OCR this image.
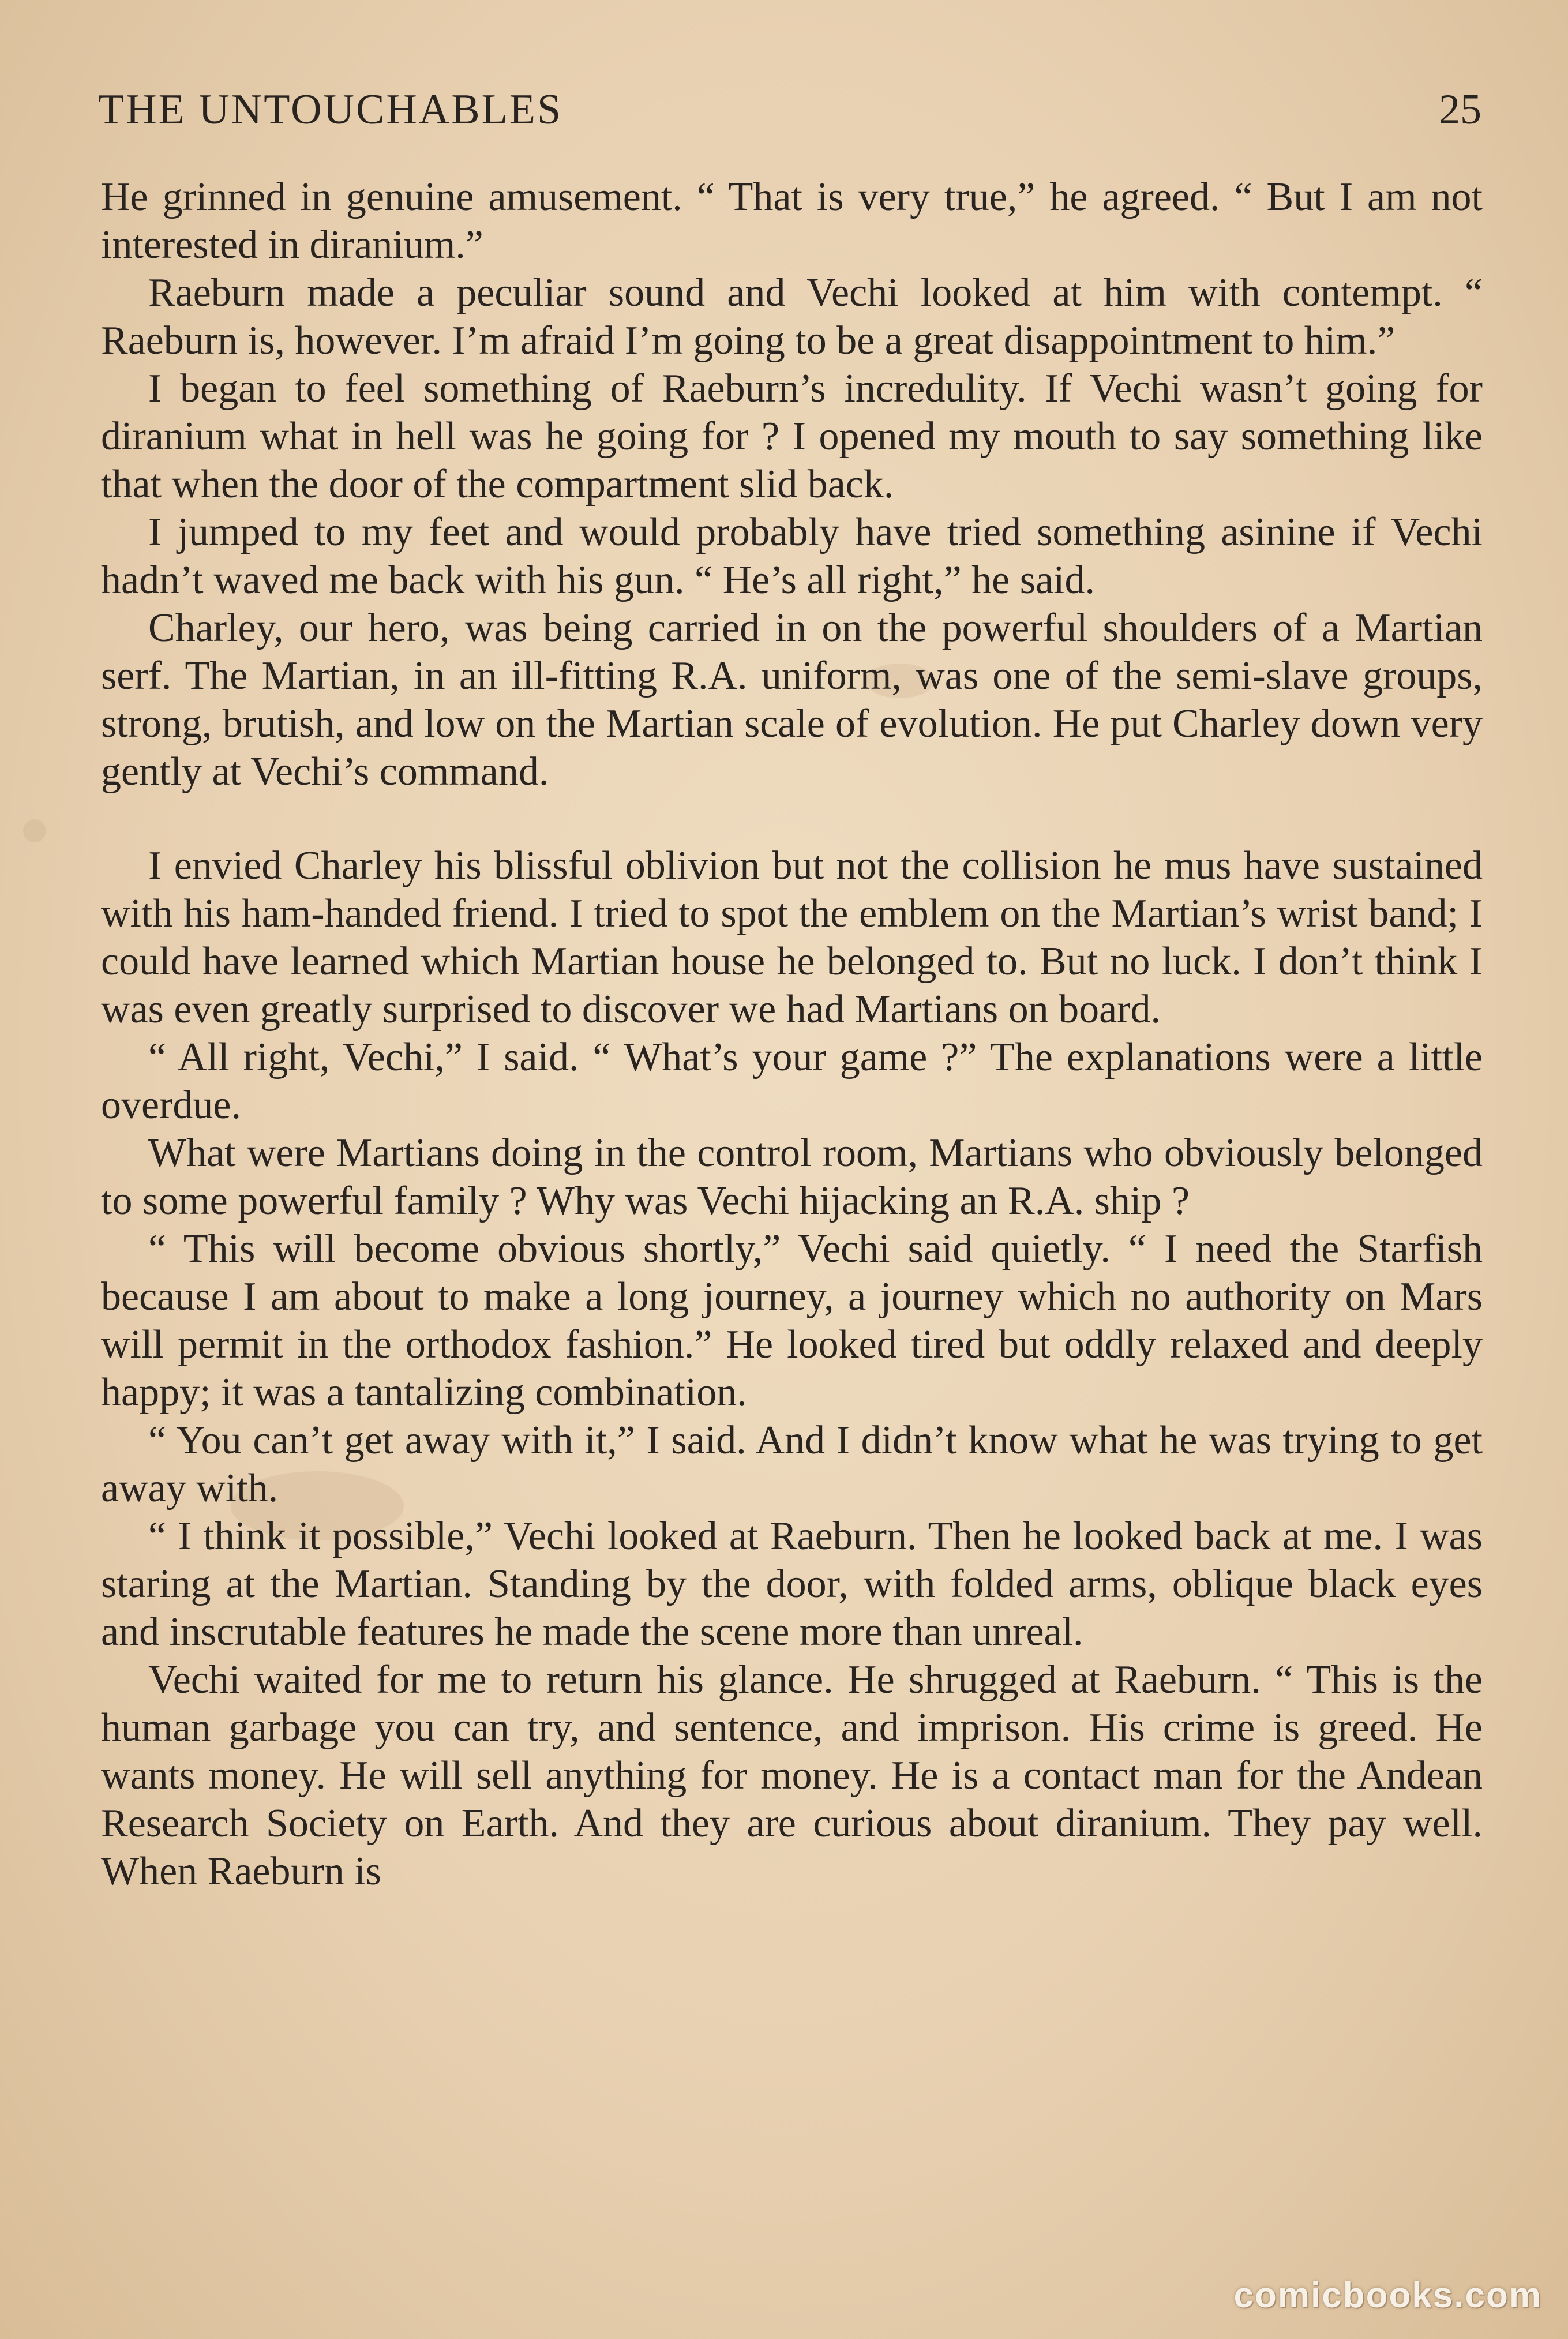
THE UNTOUCHABLES	25

He grinned in genuine amusement. “ That is very true,” he agreed. “ But I am not interested in diranium.”

Raeburn made a peculiar sound and Vechi looked at him with contempt. “ Raeburn is, however. I’m afraid I’m going to be a great disappointment to him.”

I began to feel something of Raeburn’s incredulity. If Vechi wasn’t going for diranium what in hell was he going for ? I opened my mouth to say something like that when the door of the compartment slid back.

I jumped to my feet and would probably have tried something asinine if Vechi hadn’t waved me back with his gun. “ He’s all right,” he said.

Charley, our hero, was being carried in on the powerful shoulders of a Martian serf. The Martian, in an ill-fitting R.A. uniform, was one of the semi-slave groups, strong, brutish, and low on the Martian scale of evolution. He put Charley down very gently at Vechi’s command.

I envied Charley his blissful oblivion but not the collision he mus have sustained with his ham-handed friend. I tried to spot the emblem on the Martian’s wrist band; I could have learned which Martian house he belonged to. But no luck. I don’t think I was even greatly surprised to discover we had Martians on board.

“ All right, Vechi,” I said. “ What’s your game ?” The explanations were a little overdue.

What were Martians doing in the control room, Martians who obviously belonged to some powerful family ? Why was Vechi hijacking an R.A. ship ?

“ This will become obvious shortly,” Vechi said quietly. “ I need the Starfish because I am about to make a long journey, a journey which no authority on Mars will permit in the orthodox fashion.” He looked tired but oddly relaxed and deeply happy; it was a tantalizing combination.

“ You can’t get away with it,” I said. And I didn’t know what he was trying to get away with.

“ I think it possible,” Vechi looked at Raeburn. Then he looked back at me. I was staring at the Martian. Standing by the door, with folded arms, oblique black eyes and inscrutable features he made the scene more than unreal.

Vechi waited for me to return his glance. He shrugged at Raeburn. “ This is the human garbage you can try, and sentence, and imprison. His crime is greed. He wants money. He will sell anything for money. He is a contact man for the Andean Research Society on Earth. And they are curious about diranium. They pay well. When Raeburn is

comicbooks.com
